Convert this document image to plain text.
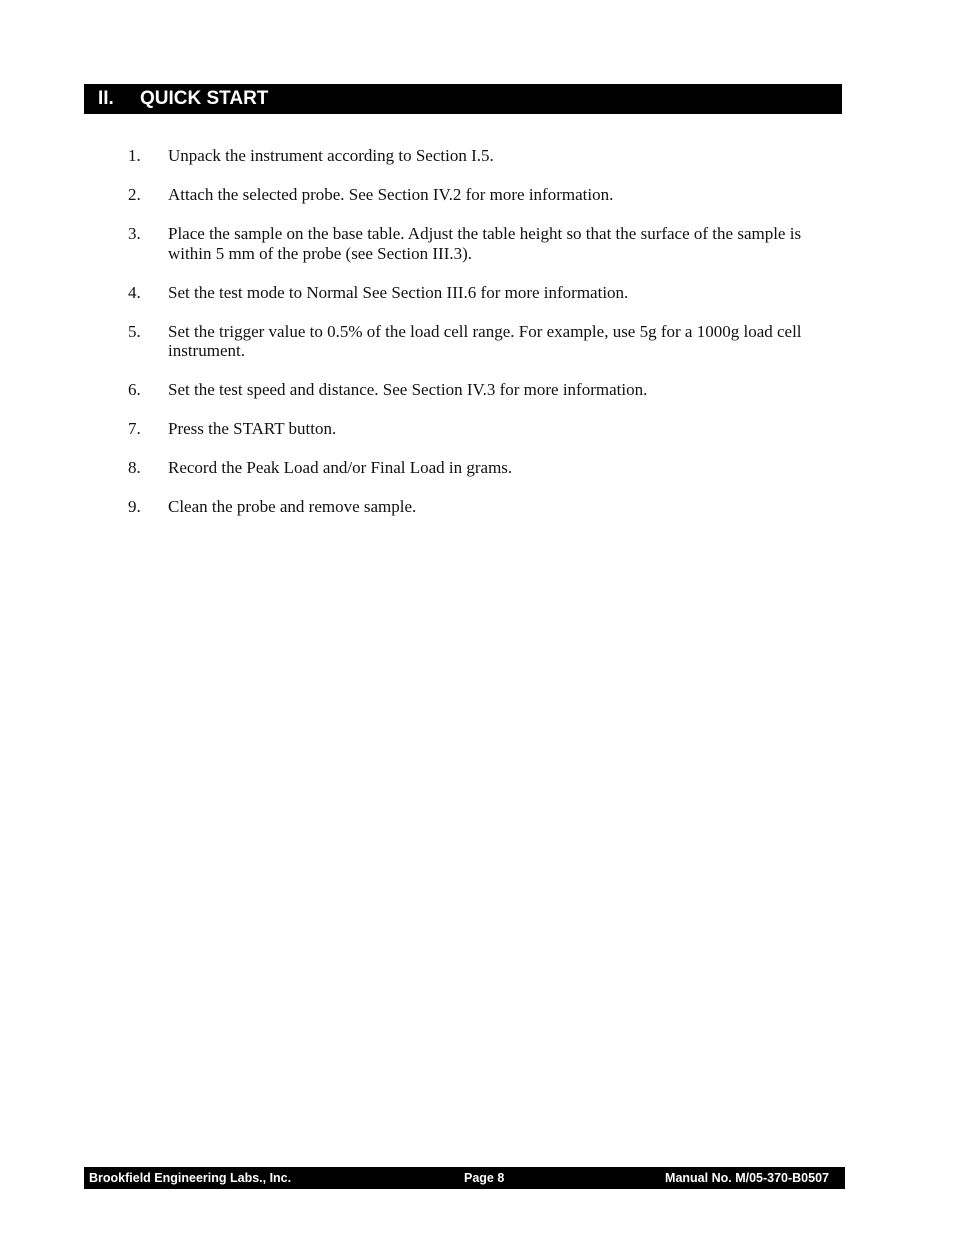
II. QUICK START
1. Unpack the instrument according to Section I.5.
2. Attach the selected probe. See Section IV.2 for more information.
3. Place the sample on the base table. Adjust the table height so that the surface of the sample is within 5 mm of the probe (see Section III.3).
4. Set the test mode to Normal See Section III.6 for more information.
5. Set the trigger value to 0.5% of the load cell range. For example, use 5g for a 1000g load cell instrument.
6. Set the test speed and distance. See Section IV.3 for more information.
7. Press the START button.
8. Record the Peak Load and/or Final Load in grams.
9. Clean the probe and remove sample.
Brookfield Engineering Labs., Inc.	Page 8	Manual No. M/05-370-B0507
